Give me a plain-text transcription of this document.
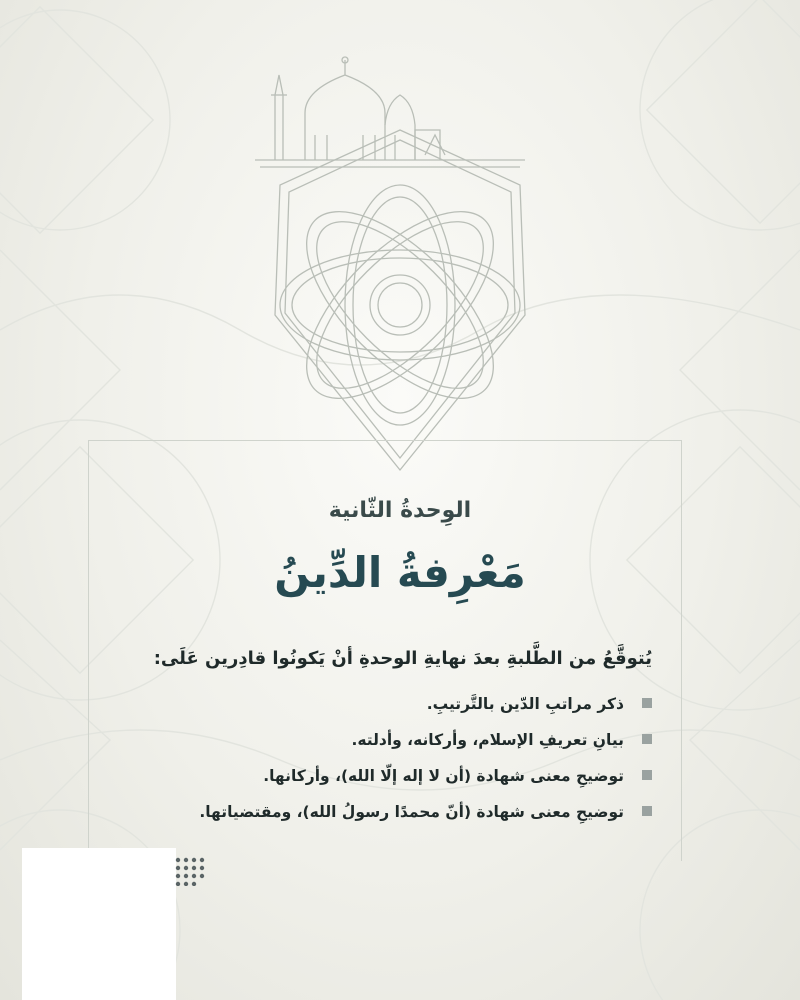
الوِحدةُ الثّانية
مَعْرِفةُ الدِّينُ
يُتوقَّعُ من الطَّلبةِ بعدَ نهايةِ الوحدةِ أنْ يَكونُوا قادِرين عَلَى:
ذكر مراتبِ الدّين بالتَّرتيبِ.
بيانِ تعريفِ الإسلام، وأركانه، وأدلته.
توضيحِ معنى شهادة (أن لا إله إلّا الله)، وأركانها.
توضيحِ معنى شهادة (أنّ محمدًا رسولُ الله)، ومقتضياتها.
